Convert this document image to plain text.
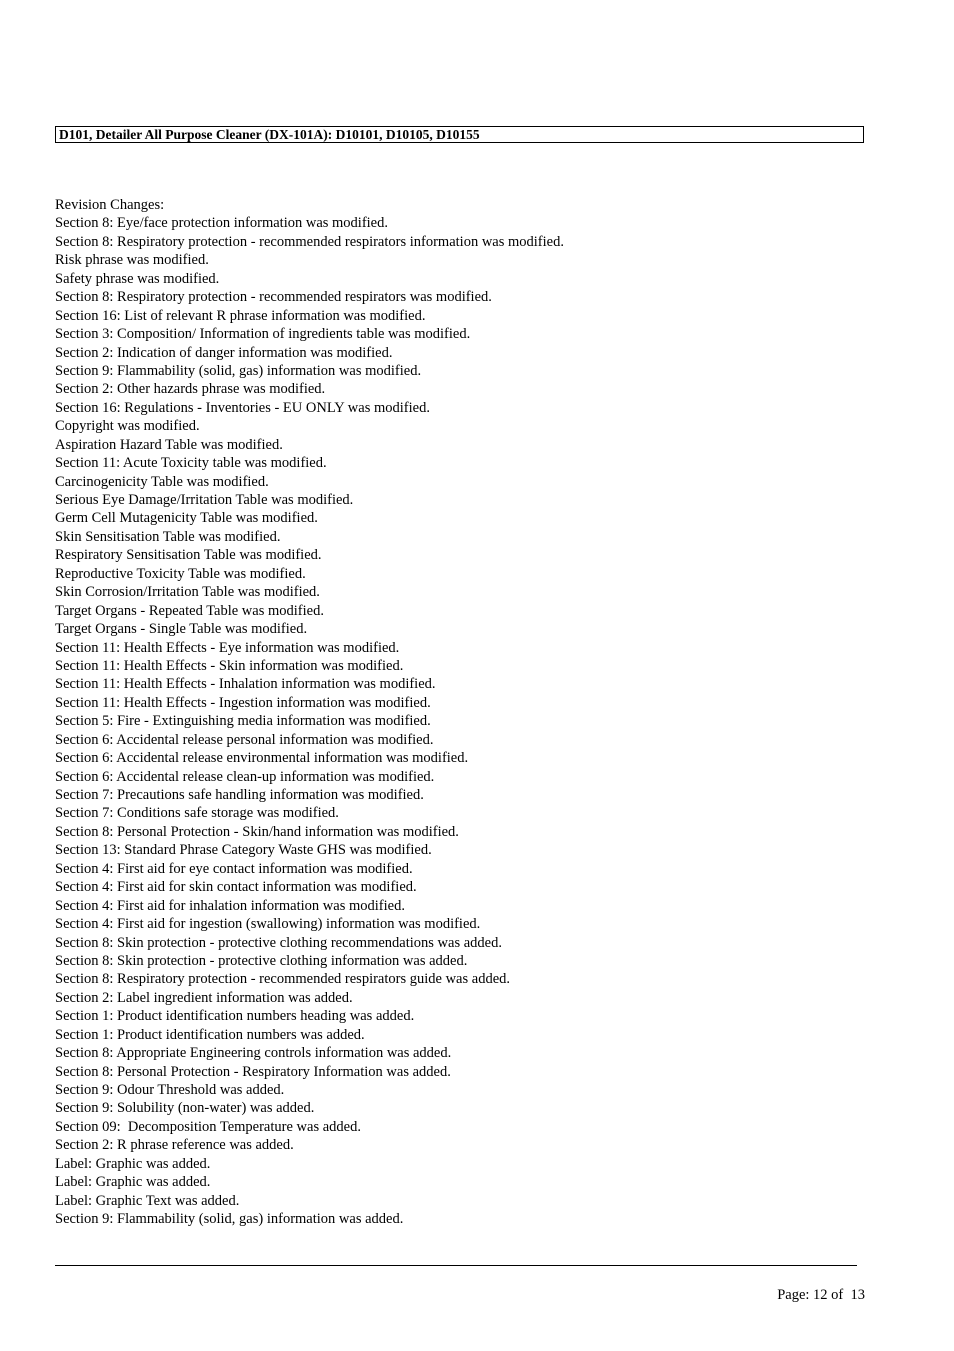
D101, Detailer All Purpose Cleaner (DX-101A): D10101, D10105, D10155
Revision Changes:
Section 8: Eye/face protection information was modified.
Section 8: Respiratory protection - recommended respirators information was modified.
Risk phrase was modified.
Safety phrase was modified.
Section 8: Respiratory protection - recommended respirators was modified.
Section 16: List of relevant R phrase information was modified.
Section 3: Composition/ Information of ingredients table was modified.
Section 2: Indication of danger information was modified.
Section 9: Flammability (solid, gas) information was modified.
Section 2: Other hazards phrase was modified.
Section 16: Regulations - Inventories - EU ONLY was modified.
Copyright was modified.
Aspiration Hazard Table was modified.
Section 11: Acute Toxicity table was modified.
Carcinogenicity Table was modified.
Serious Eye Damage/Irritation Table was modified.
Germ Cell Mutagenicity Table was modified.
Skin Sensitisation Table was modified.
Respiratory Sensitisation Table was modified.
Reproductive Toxicity Table was modified.
Skin Corrosion/Irritation Table was modified.
Target Organs - Repeated Table was modified.
Target Organs - Single Table was modified.
Section 11: Health Effects - Eye information was modified.
Section 11: Health Effects - Skin information was modified.
Section 11: Health Effects - Inhalation information was modified.
Section 11: Health Effects - Ingestion information was modified.
Section 5: Fire - Extinguishing media information was modified.
Section 6: Accidental release personal information was modified.
Section 6: Accidental release environmental information was modified.
Section 6: Accidental release clean-up information was modified.
Section 7: Precautions safe handling information was modified.
Section 7: Conditions safe storage was modified.
Section 8: Personal Protection - Skin/hand information was modified.
Section 13: Standard Phrase Category Waste GHS was modified.
Section 4: First aid for eye contact information was modified.
Section 4: First aid for skin contact information was modified.
Section 4: First aid for inhalation information was modified.
Section 4: First aid for ingestion (swallowing) information was modified.
Section 8: Skin protection - protective clothing recommendations was added.
Section 8: Skin protection - protective clothing information was added.
Section 8: Respiratory protection - recommended respirators guide was added.
Section 2: Label ingredient information was added.
Section 1: Product identification numbers heading was added.
Section 1: Product identification numbers was added.
Section 8: Appropriate Engineering controls information was added.
Section 8: Personal Protection - Respiratory Information was added.
Section 9: Odour Threshold was added.
Section 9: Solubility (non-water) was added.
Section 09:  Decomposition Temperature was added.
Section 2: R phrase reference was added.
Label: Graphic was added.
Label: Graphic was added.
Label: Graphic Text was added.
Section 9: Flammability (solid, gas) information was added.
Page: 12 of  13
